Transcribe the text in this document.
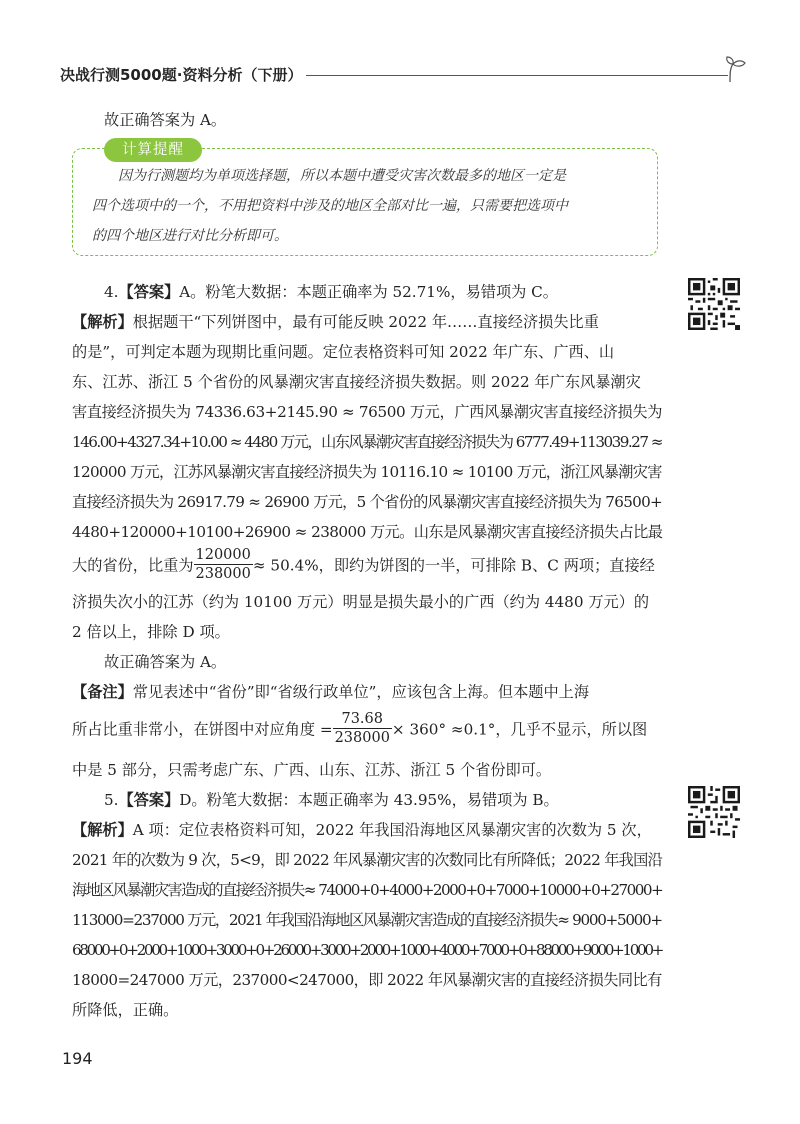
决战行测5000题·资料分析（下册）
故正确答案为 A。
计算提醒
因为行测题均为单项选择题，所以本题中遭受灾害次数最多的地区一定是
四个选项中的一个，不用把资料中涉及的地区全部对比一遍，只需要把选项中
的四个地区进行对比分析即可。
4.【答案】A。粉笔大数据：本题正确率为 52.71%，易错项为 C。
【解析】根据题干“下列饼图中，最有可能反映 2022 年……直接经济损失比重
的是”，可判定本题为现期比重问题。定位表格资料可知 2022 年广东、广西、山
东、江苏、浙江 5 个省份的风暴潮灾害直接经济损失数据。则 2022 年广东风暴潮灾
害直接经济损失为 74336.63+2145.90 ≈ 76500 万元，广西风暴潮灾害直接经济损失为
146.00+4327.34+10.00 ≈ 4480 万元，山东风暴潮灾害直接经济损失为 6777.49+113039.27 ≈
120000 万元，江苏风暴潮灾害直接经济损失为 10116.10 ≈ 10100 万元，浙江风暴潮灾害
直接经济损失为 26917.79 ≈ 26900 万元，5 个省份的风暴潮灾害直接经济损失为 76500+
4480+120000+10100+26900 ≈ 238000 万元。山东是风暴潮灾害直接经济损失占比最
大的省份，比重为 $\frac{120000}{238000} \approx 50.4\%$，即约为饼图的一半，可排除 B、C 两项；直接经
济损失次小的江苏（约为 10100 万元）明显是损失最小的广西（约为 4480 万元）的
2 倍以上，排除 D 项。
故正确答案为 A。
【备注】常见表述中“省份”即“省级行政单位”，应该包含上海。但本题中上海
所占比重非常小，在饼图中对应角度 = $\frac{73.68}{238000} \times 360^\circ \approx 0.1^\circ$，几乎不显示，所以图
中是 5 部分，只需考虑广东、广西、山东、江苏、浙江 5 个省份即可。
5.【答案】D。粉笔大数据：本题正确率为 43.95%，易错项为 B。
【解析】A 项：定位表格资料可知，2022 年我国沿海地区风暴潮灾害的次数为 5 次，
2021 年的次数为 9 次，5<9，即 2022 年风暴潮灾害的次数同比有所降低；2022 年我国沿
海地区风暴潮灾害造成的直接经济损失≈ 74000+0+4000+2000+0+7000+10000+0+27000+
113000=237000 万元，2021 年我国沿海地区风暴潮灾害造成的直接经济损失≈ 9000+5000+
68000+0+2000+1000+3000+0+26000+3000+2000+1000+4000+7000+0+88000+9000+1000+
18000=247000 万元，237000<247000，即 2022 年风暴潮灾害的直接经济损失同比有
所降低，正确。
194
